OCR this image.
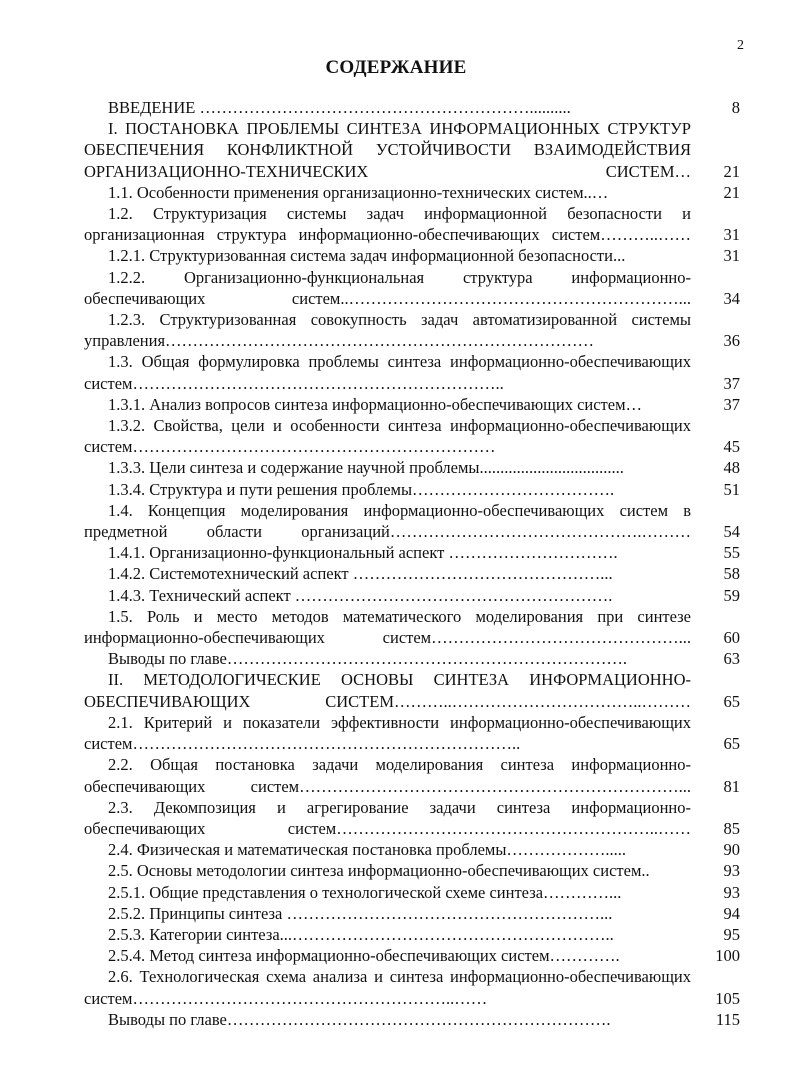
2
СОДЕРЖАНИЕ
ВВЕДЕНИЕ ……………………………………………………..........	8
I. ПОСТАНОВКА ПРОБЛЕМЫ СИНТЕЗА ИНФОРМАЦИОННЫХ СТРУКТУР ОБЕСПЕЧЕНИЯ КОНФЛИКТНОЙ УСТОЙЧИВОСТИ ВЗАИМОДЕЙСТВИЯ ОРГАНИЗАЦИОННО-ТЕХНИЧЕСКИХ СИСТЕМ…	21
1.1. Особенности применения организационно-технических систем..…	21
1.2. Структуризация системы задач информационной безопасности и организационная структура информационно-обеспечивающих систем………..……	31
1.2.1. Структуризованная система задач информационной безопасности...	31
1.2.2. Организационно-функциональная структура информационно-обеспечивающих систем..……………………………………………………...	34
1.2.3. Структуризованная совокупность задач автоматизированной системы управления……………………………………………………………………	36
1.3. Общая формулировка проблемы синтеза информационно-обеспечивающих систем…………………………………………………………..	37
1.3.1. Анализ вопросов синтеза информационно-обеспечивающих систем…	37
1.3.2. Свойства, цели и особенности синтеза информационно-обеспечивающих систем…………………………………………………………	45
1.3.3. Цели синтеза и содержание научной проблемы...................................	48
1.3.4. Структура и пути решения проблемы……………………………….	51
1.4. Концепция моделирования информационно-обеспечивающих систем в предметной области организаций……………………………………….………	54
1.4.1. Организационно-функциональный аспект ………………………….	55
1.4.2. Системотехнический аспект ………………………………………...	58
1.4.3. Технический аспект ………………………………………………….	59
1.5. Роль и место методов математического моделирования при синтезе информационно-обеспечивающих систем………………………………………...	60
Выводы по главе……………………………………………………………….	63
II. МЕТОДОЛОГИЧЕСКИЕ ОСНОВЫ СИНТЕЗА ИНФОРМАЦИОННО-ОБЕСПЕЧИВАЮЩИХ СИСТЕМ………..……………………………..………	65
2.1. Критерий и показатели эффективности информационно-обеспечивающих систем……………………………………………………………..	65
2.2. Общая постановка задачи моделирования синтеза информационно-обеспечивающих систем……………………………………………………………...	81
2.3. Декомпозиция и агрегирование задачи синтеза информационно-обеспечивающих систем…………………………………………………..……	85
2.4. Физическая и математическая постановка проблемы……………….....	90
2.5. Основы методологии синтеза информационно-обеспечивающих систем..	93
2.5.1. Общие представления о технологической схеме синтеза…………...	93
2.5.2. Принципы синтеза …………………………………………………...	94
2.5.3. Категории синтеза...…………………………………………………..	95
2.5.4. Метод синтеза информационно-обеспечивающих систем………….	100
2.6. Технологическая схема анализа и синтеза информационно-обеспечивающих систем…………………………………………………..……	105
Выводы по главе…………………………………………………………….	115
